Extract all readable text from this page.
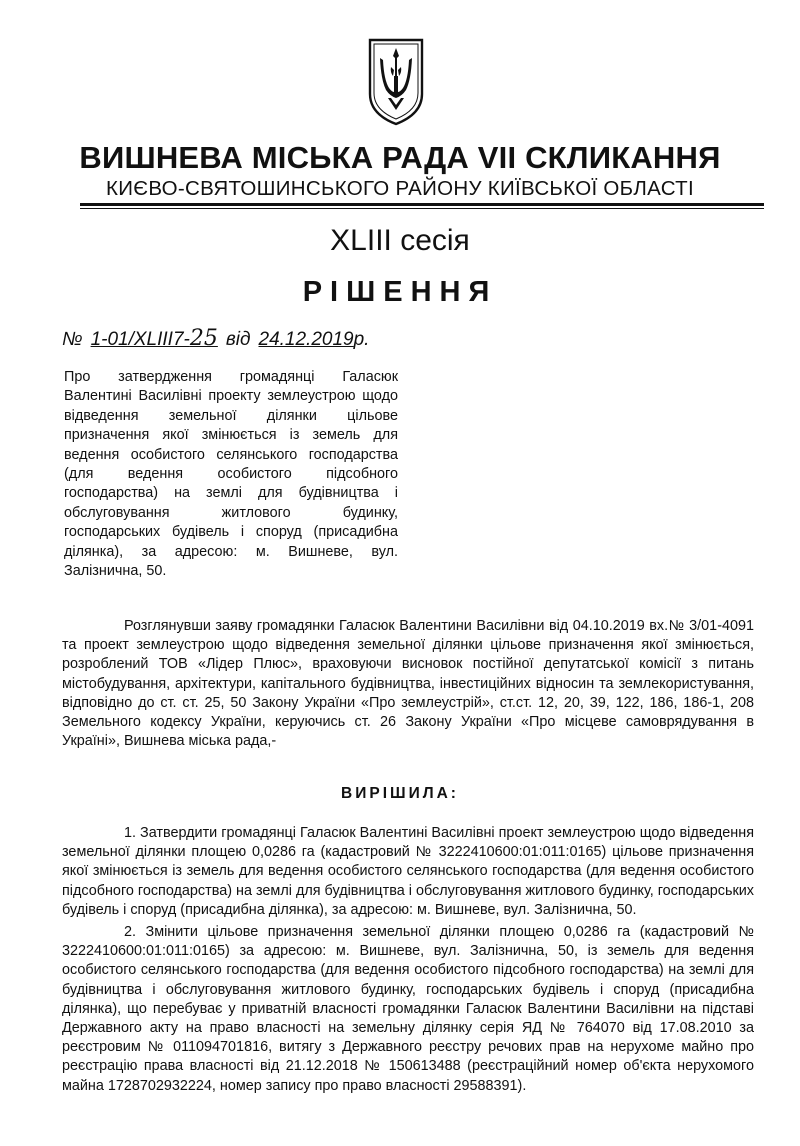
ВИШНЕВА МІСЬКА РАДА VII СКЛИКАННЯ
КИЄВО-СВЯТОШИНСЬКОГО РАЙОНУ КИЇВСЬКОЇ ОБЛАСТІ
XLIII сесія
РІШЕННЯ
№ 1-01/XLIII7-25 від 24.12.2019р.
Про затвердження громадянці Галасюк Валентині Василівні проекту землеустрою щодо відведення земельної ділянки цільове призначення якої змінюється із земель для ведення особистого селянського господарства (для ведення особистого підсобного господарства) на землі для будівництва і обслуговування житлового будинку, господарських будівель і споруд (присадибна ділянка), за адресою: м. Вишневе, вул. Залізнична, 50.
Розглянувши заяву громадянки Галасюк Валентини Василівни від 04.10.2019 вх.№ 3/01-4091 та проект землеустрою щодо відведення земельної ділянки цільове призначення якої змінюється, розроблений ТОВ «Лідер Плюс», враховуючи висновок постійної депутатської комісії з питань містобудування, архітектури, капітального будівництва, інвестиційних відносин та землекористування, відповідно до ст. ст. 25, 50 Закону України «Про землеустрій», ст.ст. 12, 20, 39, 122, 186, 186-1, 208 Земельного кодексу України, керуючись ст. 26 Закону України «Про місцеве самоврядування в Україні», Вишнева міська рада,-
ВИРІШИЛА:

1. Затвердити громадянці Галасюк Валентині Василівні проект землеустрою щодо відведення земельної ділянки площею 0,0286 га (кадастровий № 3222410600:01:011:0165) цільове призначення якої змінюється із земель для ведення особистого селянського господарства (для ведення особистого підсобного господарства) на землі для будівництва і обслуговування житлового будинку, господарських будівель і споруд (присадибна ділянка), за адресою: м. Вишневе, вул. Залізнична, 50.

2. Змінити цільове призначення земельної ділянки площею 0,0286 га (кадастровий № 3222410600:01:011:0165) за адресою: м. Вишневе, вул. Залізнична, 50, із земель для ведення особистого селянського господарства (для ведення особистого підсобного господарства) на землі для будівництва і обслуговування житлового будинку, господарських будівель і споруд (присадибна ділянка), що перебуває у приватній власності громадянки Галасюк Валентини Василівни на підставі Державного акту на право власності на земельну ділянку серія ЯД № 764070 від 17.08.2010 за реєстровим № 011094701816, витягу з Державного реєстру речових прав на нерухоме майно про реєстрацію права власності від 21.12.2018 № 150613488 (реєстраційний номер об'єкта нерухомого майна 1728702932224, номер запису про право власності 29588391).
